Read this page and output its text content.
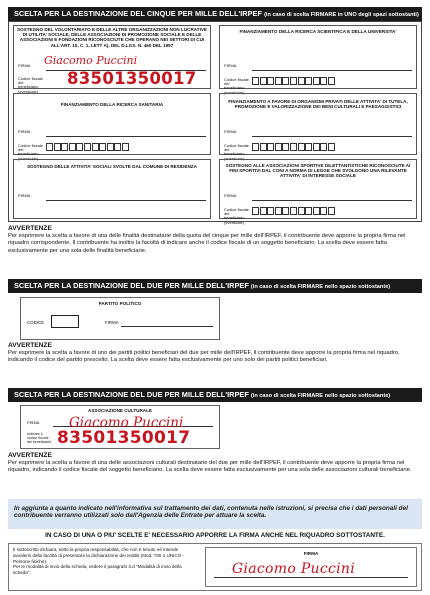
SCELTA PER LA DESTINAZIONE DEL CINQUE PER MILLE DELL'IRPEF (in caso di scelta FIRMARE in UNO degli spazi sottostanti)
SOSTEGNO DEL VOLONTARIATO E DELLE ALTRE ORGANIZZAZIONI NON LUCRATIVE DI UTILITA' SOCIALE, DELLE ASSOCIAZIONI DI PROMOZIONE SOCIALE E DELLE ASSOCIAZIONI E FONDAZIONI RICONOSCIUTE CHE OPERANO NEI SETTORI DI CUI ALL'ART. 10, C. 1, LETT A), DEL D.LGS. N. 460 DEL 1997
FIRMA	Giacomo Puccini
Codice fiscale del beneficiario (eventuale)
83501350017
FINANZIAMENTO DELLA RICERCA SCIENTIFICA E DELLA UNIVERSITA'
FIRMA
Codice fiscale del beneficiario (eventuale)
FINANZIAMENTO DELLA RICERCA SANITARIA
FIRMA
Codice fiscale del beneficiario (eventuale)
FINANZIAMENTO A FAVORE DI ORGANISMI PRIVATI DELLE ATTIVITA' DI TUTELA, PROMOZIONE E VALORIZZAZIONE DEI BENI CULTURALI E PAESAGGISTICI
FIRMA
Codice fiscale del beneficiario (eventuale)
SOSTEGNO DELLE ATTIVITA' SOCIALI SVOLTE DAL COMUNE DI RESIDENZA
FIRMA
SOSTEGNO ALLE ASSOCIAZIONI SPORTIVE DILETTANTISTICHE RICONOSCIUTE AI FINI SPORTIVI DAL CONI A NORMA DI LEGGE CHE SVOLGONO UNA RILEVANTE ATTIVITA' DI INTERESSE SOCIALE
FIRMA
Codice fiscale del beneficiario (eventuale)
AVVERTENZE
Per esprimere la scelta a favore di una delle finalità destinatarie della quota del cinque per mille dell'IRPEF, il contribuente deve apporre la propria firma nel riquadro corrispondente. Il contribuente ha inoltre la facoltà di indicare anche il codice fiscale di un soggetto beneficiario. La scelta deve essere fatta esclusivamente per una sola delle finalità beneficiarie.
SCELTA PER LA DESTINAZIONE DEL DUE PER MILLE DELL'IRPEF (in caso di scelta FIRMARE nello spazio sottostante)
PARTITO POLITICO
CODICE	FIRMA
AVVERTENZE
Per esprimere la scelta a favore di uno dei partiti politici beneficiari del due per mille dell'IRPEF, il contribuente deve apporre la propria firma nel riquadro, indicando il codice del partito prescelto. La scelta deve essere fatta esclusivamente per uno solo dei partiti politici beneficiari.
SCELTA PER LA DESTINAZIONE DEL DUE PER MILLE DELL'IRPEF (in caso di scelta FIRMARE nello spazio sottostante)
ASSOCIAZIONE CULTURALE
FIRMA Giacomo Puccini
Indicare il codice fiscale del beneficiario 83501350017
AVVERTENZE
Per esprimere la scelta a favore di una delle associazioni culturali destinatarie del due per mille dell'IRPEF, il contribuente deve apporre la propria firma nel riquadro, indicando il codice fiscale del soggetto beneficiario. La scelta deve essere fatta esclusivamente per una sola delle associazioni culturali beneficiarie.
In aggiunta a quanto indicato nell'informativa sul trattamento dei dati, contenuta nelle istruzioni, si precisa che i dati personali del contribuente verranno utilizzati solo dall'Agenzia delle Entrate per attuare la scelta.
IN CASO DI UNA O PIU' SCELTE E' NECESSARIO APPORRE LA FIRMA ANCHE NEL RIQUADRO SOTTOSTANTE.
Il sottoscritto dichiara, sotto la propria responsabilità, che non è tenuto né intende avvalersi della facoltà di presentare la dichiarazione dei redditi (Mod. 730 o UNICO - Persone fisiche).
Per le modalità di invio della scheda, vedere il paragrafo 3.d "Modalità di invio della scheda".
FIRMA
Giacomo Puccini
